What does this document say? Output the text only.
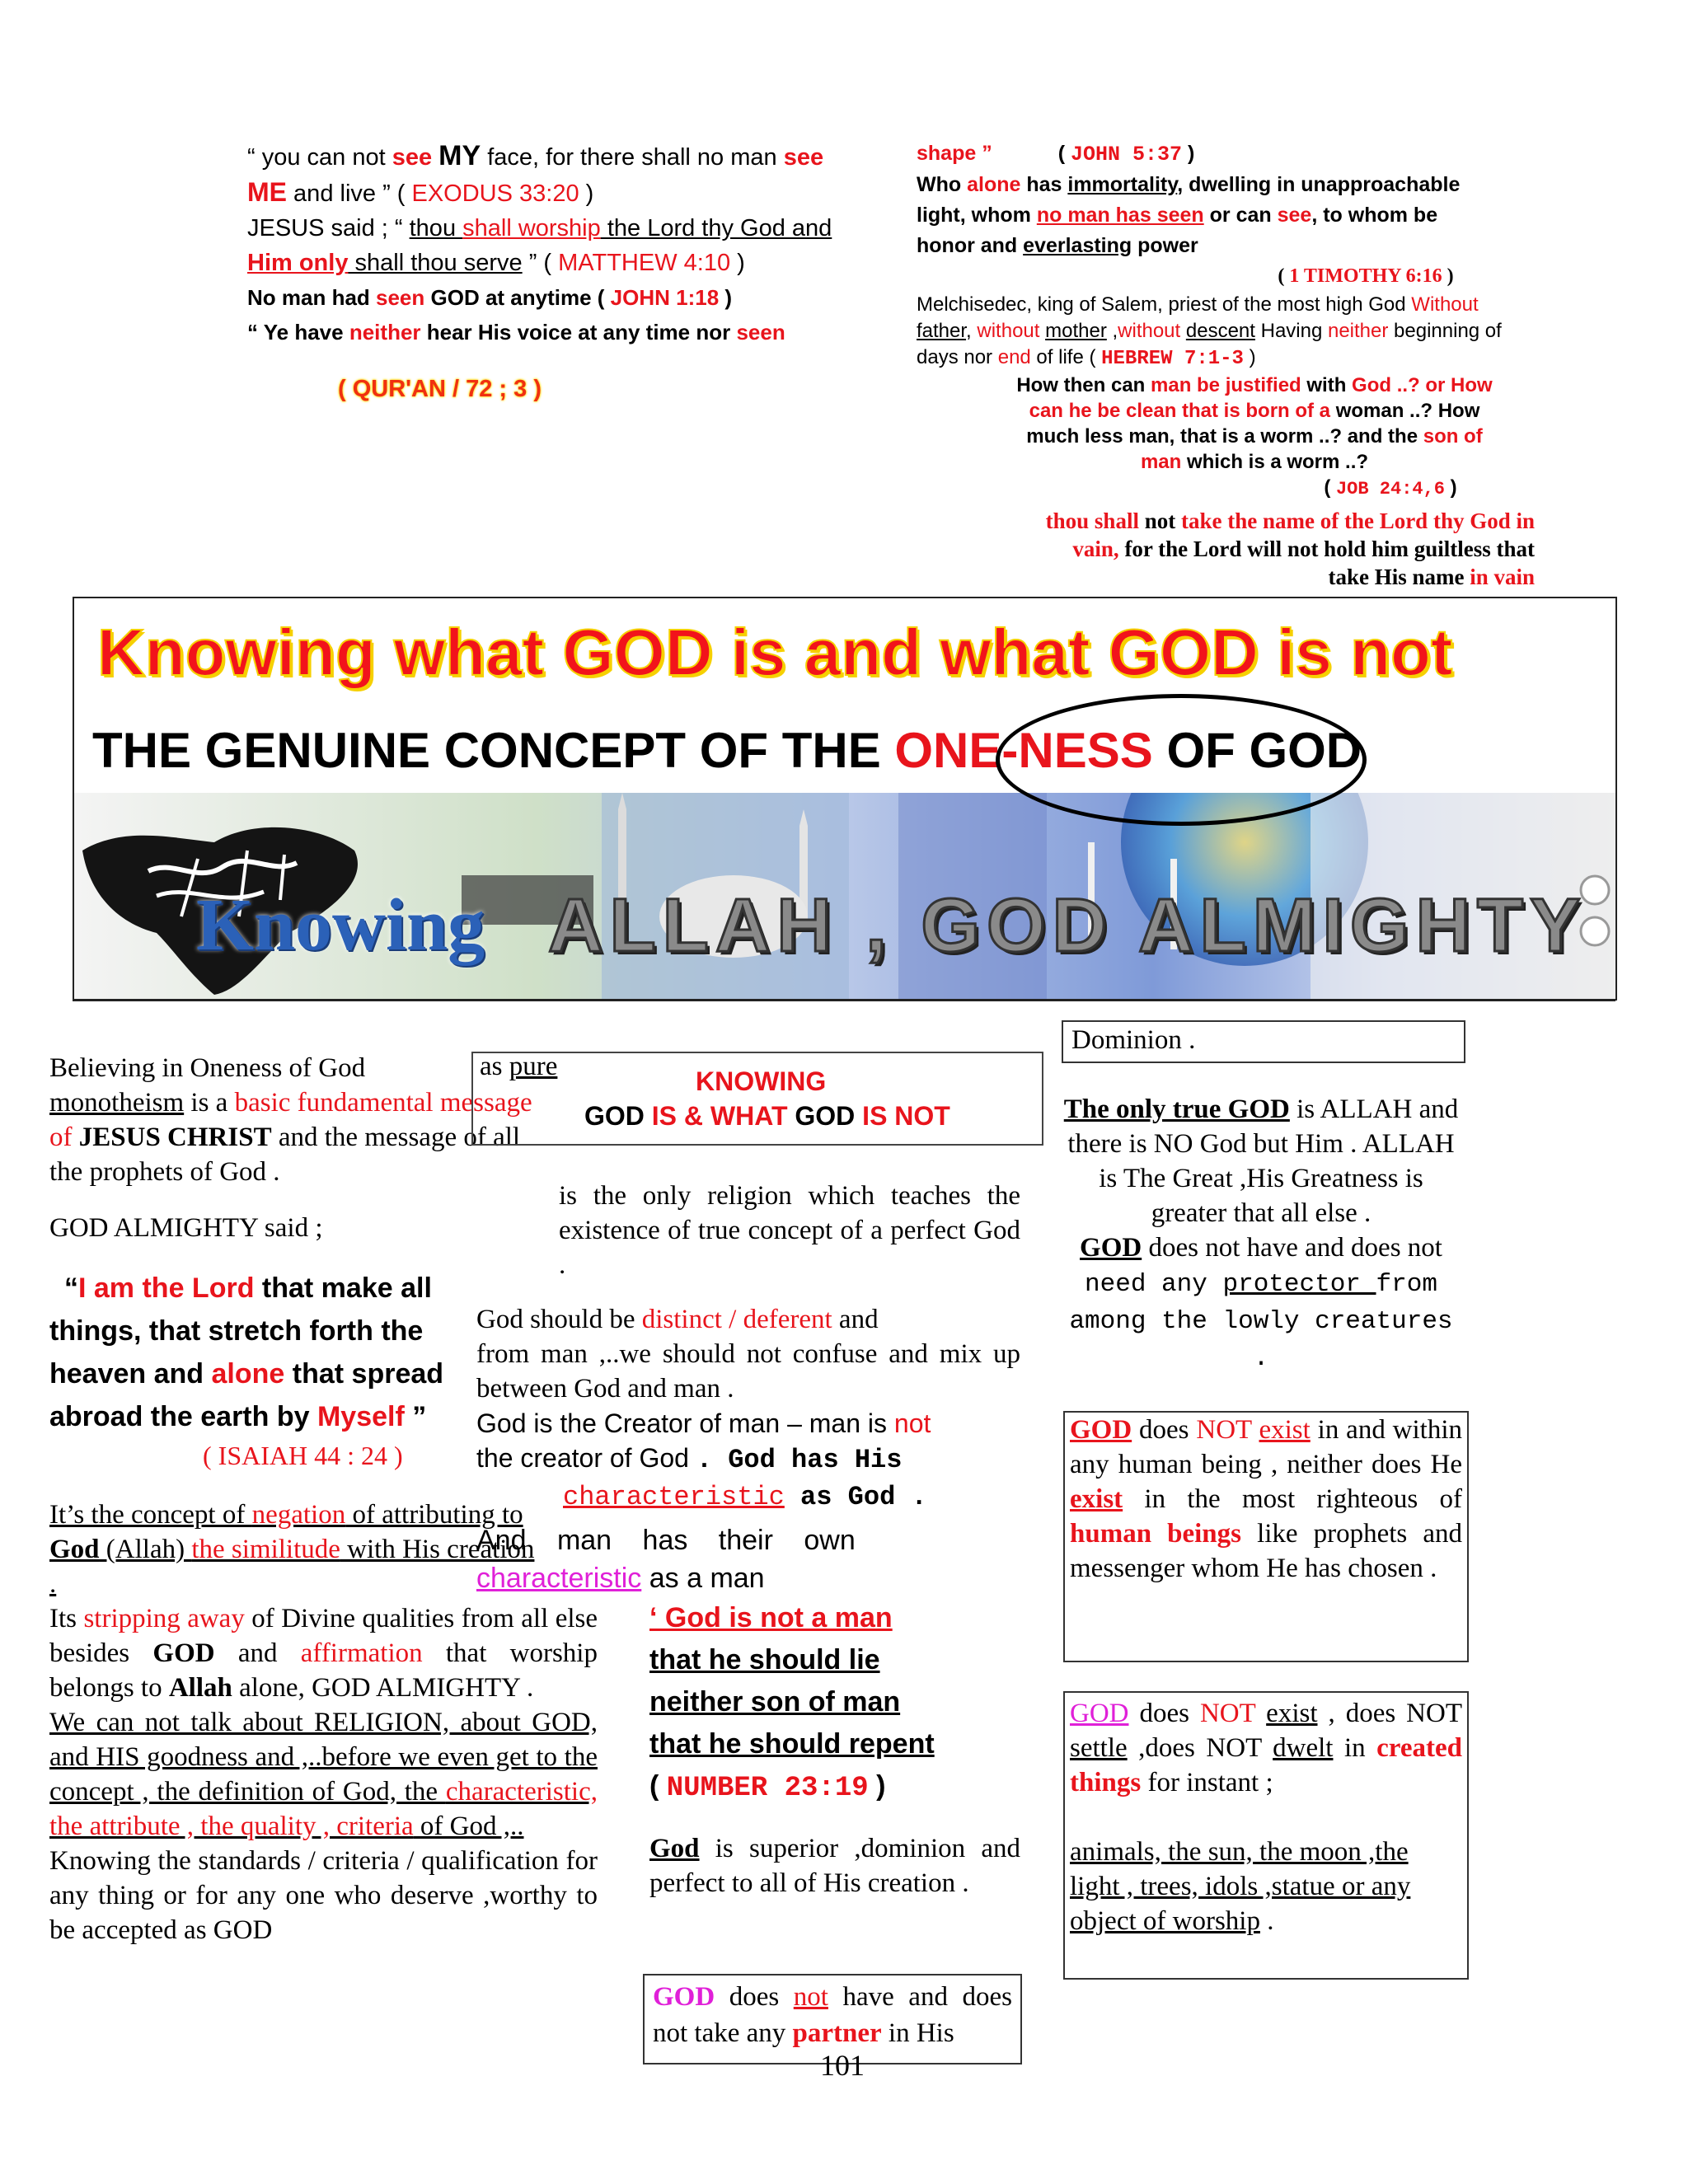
“ you can not see MY face, for there shall no man see
ME and live ” ( EXODUS 33:20 )
JESUS said ; “ thou shall worship the Lord thy God and
Him only shall thou serve ” ( MATTHEW 4:10 )
No man had seen GOD at anytime ( JOHN 1:18 )
“ Ye have neither hear His voice at any time nor seen
( QUR'AN / 72 ; 3 )
shape ”	( JOHN 5:37 )
Who alone has immortality, dwelling in unapproachable
light, whom no man has seen or can see, to whom be
honor and everlasting power
( 1 TIMOTHY 6:16 )
Melchisedec, king of Salem, priest of the most high God Without
father, without mother ,without descent Having neither beginning of
days nor end of life ( HEBREW 7:1-3 )
How then can man be justified with God ..? or How
can he be clean that is born of a woman ..? How
much less man, that is a worm ..? and the son of
man which is a worm ..?
( JOB 24:4,6 )
thou shall not take the name of the Lord thy God in
vain, for the Lord will not hold him guiltless that
take His name in vain
Knowing what GOD is and what GOD is not
THE GENUINE CONCEPT OF THE ONE-NESS OF GOD
Knowing ALLAH , GOD ALMIGHTY

Believing in Oneness of God
monotheism is a basic fundamental message
of JESUS CHRIST and the message of all
the prophets of God .

GOD ALMIGHTY said ;

“I am the Lord that make all
things, that stretch forth the
heaven and alone that spread
abroad the earth by Myself ”

( ISAIAH 44 : 24 )

It’s the concept of negation of attributing to
God (Allah) the similitude with His creation
.

Its stripping away of Divine qualities from all else besides GOD and affirmation that worship belongs to Allah alone, GOD ALMIGHTY .

We can not talk about RELIGION, about GOD, and HIS goodness and ,..before we even get to the concept , the definition of God, the characteristic, the attribute , the quality , criteria of God ,..

Knowing the standards / criteria / qualification for any thing or for any one who deserve ,worthy to be accepted as GOD

as pure	KNOWING
GOD IS & WHAT GOD IS NOT
is the only religion which teaches the existence of true concept of a perfect God .
God should be distinct / deferent and
from man ,..we should not confuse and mix up between God and man .
God is the Creator of man – man is not
the creator of God . God has His
characteristic as God .
And man has their own
characteristic as a man
‘ God is not a man
that he should lie
neither son of man
that he should repent
( NUMBER 23:19 )
God is superior ,dominion and perfect to all of His creation .
GOD does not have and does not take any partner in His
Dominion .
The only true GOD is ALLAH and there is NO God but Him . ALLAH is The Great ,His Greatness is greater that all else .
GOD does not have and does not need any protector from among the lowly creatures .
GOD does NOT exist in and within any human being , neither does He exist in the most righteous of human beings like prophets and messenger whom He has chosen .
GOD does NOT exist , does NOT settle ,does NOT dwelt in created things for instant ;
animals, the sun, the moon ,the light , trees, idols ,statue or any object of worship .
101
